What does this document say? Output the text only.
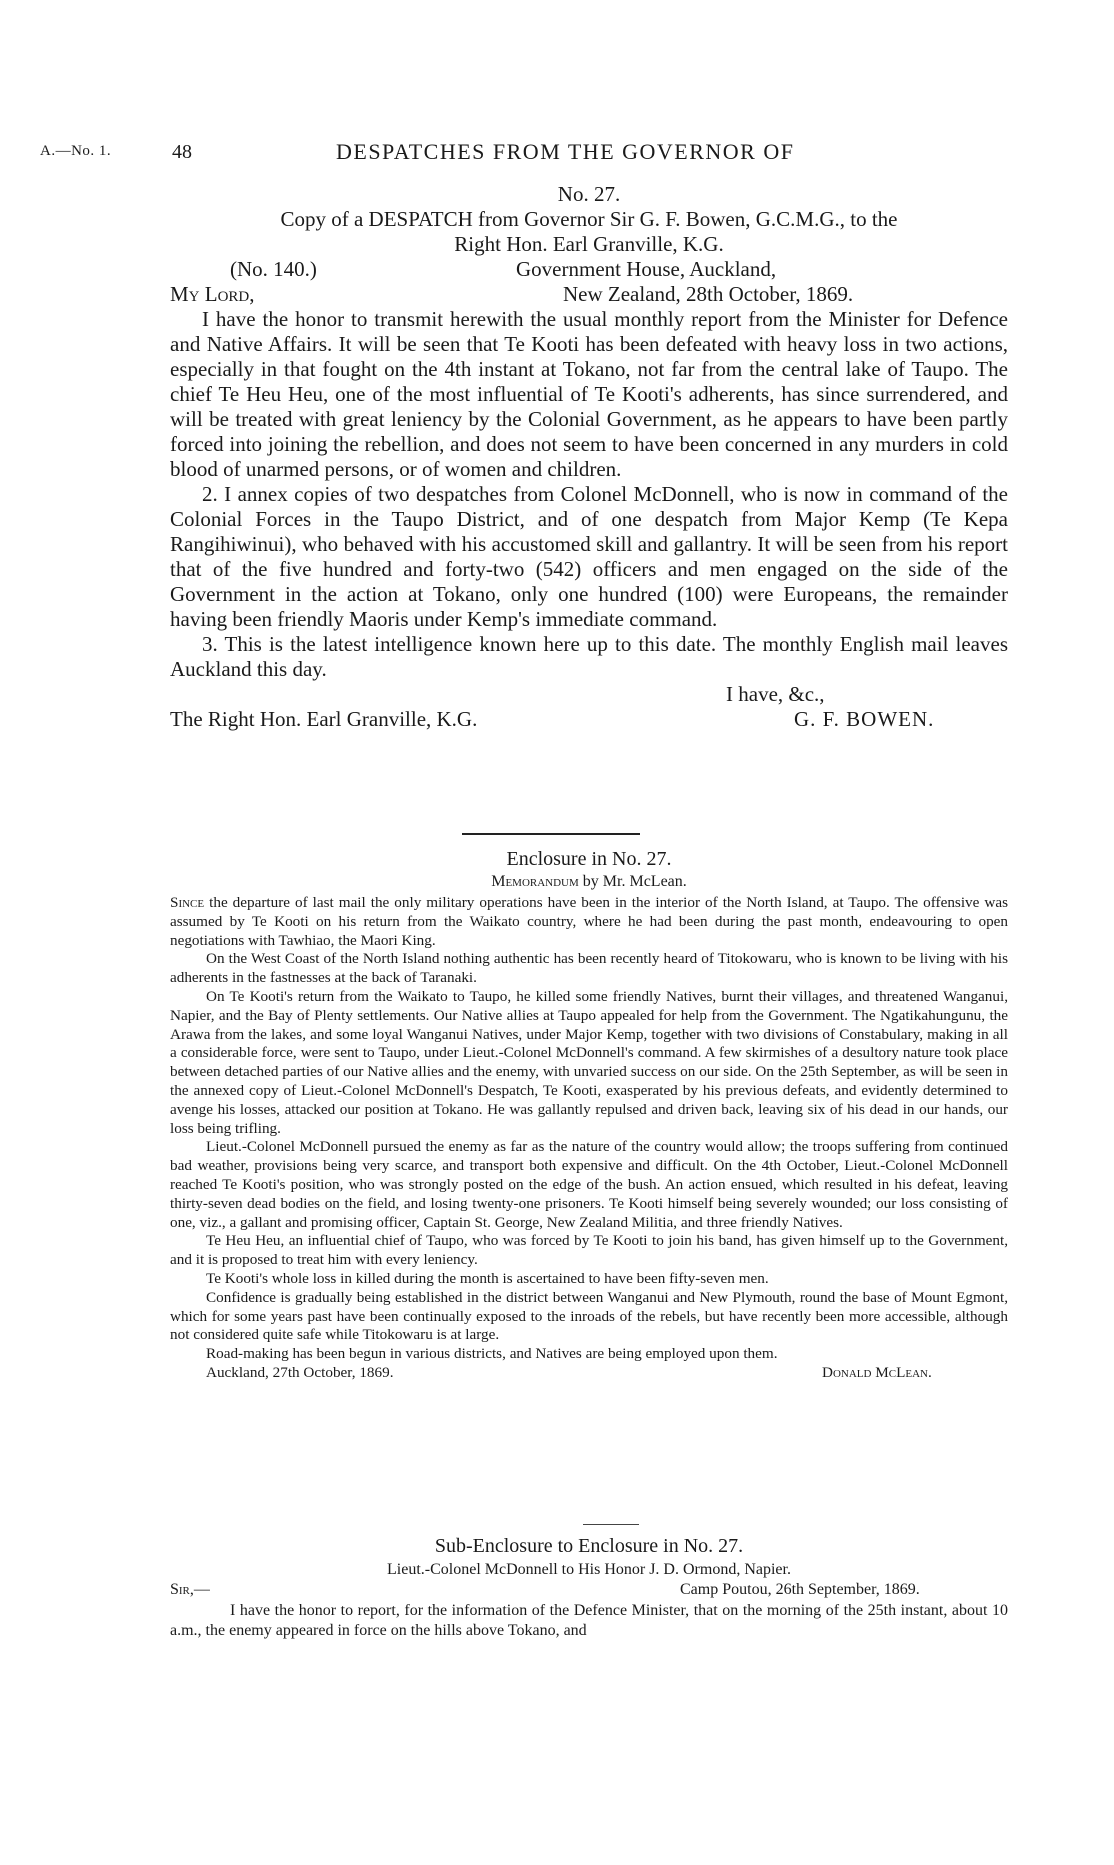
A.—No. 1.	48	DESPATCHES FROM THE GOVERNOR OF
No. 27.
Copy of a DESPATCH from Governor Sir G. F. Bowen, G.C.M.G., to the
Right Hon. Earl Granville, K.G.
(No. 140.)	Government House, Auckland,
My Lord,	New Zealand, 28th October, 1869.

I have the honor to transmit herewith the usual monthly report from the Minister for Defence and Native Affairs. It will be seen that Te Kooti has been defeated with heavy loss in two actions, especially in that fought on the 4th instant at Tokano, not far from the central lake of Taupo. The chief Te Heu Heu, one of the most influential of Te Kooti's adherents, has since surrendered, and will be treated with great leniency by the Colonial Government, as he appears to have been partly forced into joining the rebellion, and does not seem to have been concerned in any murders in cold blood of unarmed persons, or of women and children.

2. I annex copies of two despatches from Colonel McDonnell, who is now in command of the Colonial Forces in the Taupo District, and of one despatch from Major Kemp (Te Kepa Rangihiwinui), who behaved with his accustomed skill and gallantry. It will be seen from his report that of the five hundred and forty-two (542) officers and men engaged on the side of the Government in the action at Tokano, only one hundred (100) were Europeans, the remainder having been friendly Maoris under Kemp's immediate command.

3. This is the latest intelligence known here up to this date. The monthly English mail leaves Auckland this day.

I have, &c.,
The Right Hon. Earl Granville, K.G.	G. F. BOWEN.
Enclosure in No. 27.
Memorandum by Mr. McLean.

Since the departure of last mail the only military operations have been in the interior of the North Island, at Taupo. The offensive was assumed by Te Kooti on his return from the Waikato country, where he had been during the past month, endeavouring to open negotiations with Tawhiao, the Maori King.

On the West Coast of the North Island nothing authentic has been recently heard of Titokowaru, who is known to be living with his adherents in the fastnesses at the back of Taranaki.

On Te Kooti's return from the Waikato to Taupo, he killed some friendly Natives, burnt their villages, and threatened Wanganui, Napier, and the Bay of Plenty settlements. Our Native allies at Taupo appealed for help from the Government. The Ngatikahungunu, the Arawa from the lakes, and some loyal Wanganui Natives, under Major Kemp, together with two divisions of Constabulary, making in all a considerable force, were sent to Taupo, under Lieut.-Colonel McDonnell's command. A few skirmishes of a desultory nature took place between detached parties of our Native allies and the enemy, with unvaried success on our side. On the 25th September, as will be seen in the annexed copy of Lieut.-Colonel McDonnell's Despatch, Te Kooti, exasperated by his previous defeats, and evidently determined to avenge his losses, attacked our position at Tokano. He was gallantly repulsed and driven back, leaving six of his dead in our hands, our loss being trifling.

Lieut.-Colonel McDonnell pursued the enemy as far as the nature of the country would allow; the troops suffering from continued bad weather, provisions being very scarce, and transport both expensive and difficult. On the 4th October, Lieut.-Colonel McDonnell reached Te Kooti's position, who was strongly posted on the edge of the bush. An action ensued, which resulted in his defeat, leaving thirty-seven dead bodies on the field, and losing twenty-one prisoners. Te Kooti himself being severely wounded; our loss consisting of one, viz., a gallant and promising officer, Captain St. George, New Zealand Militia, and three friendly Natives.

Te Heu Heu, an influential chief of Taupo, who was forced by Te Kooti to join his band, has given himself up to the Government, and it is proposed to treat him with every leniency.

Te Kooti's whole loss in killed during the month is ascertained to have been fifty-seven men.

Confidence is gradually being established in the district between Wanganui and New Plymouth, round the base of Mount Egmont, which for some years past have been continually exposed to the inroads of the rebels, but have recently been more accessible, although not considered quite safe while Titokowaru is at large.

Road-making has been begun in various districts, and Natives are being employed upon them.

Auckland, 27th October, 1869.	Donald McLean.
Sub-Enclosure to Enclosure in No. 27.
Lieut.-Colonel McDonnell to His Honor J. D. Ormond, Napier.
Sir,—	Camp Poutou, 26th September, 1869.

I have the honor to report, for the information of the Defence Minister, that on the morning of the 25th instant, about 10 a.m., the enemy appeared in force on the hills above Tokano, and
